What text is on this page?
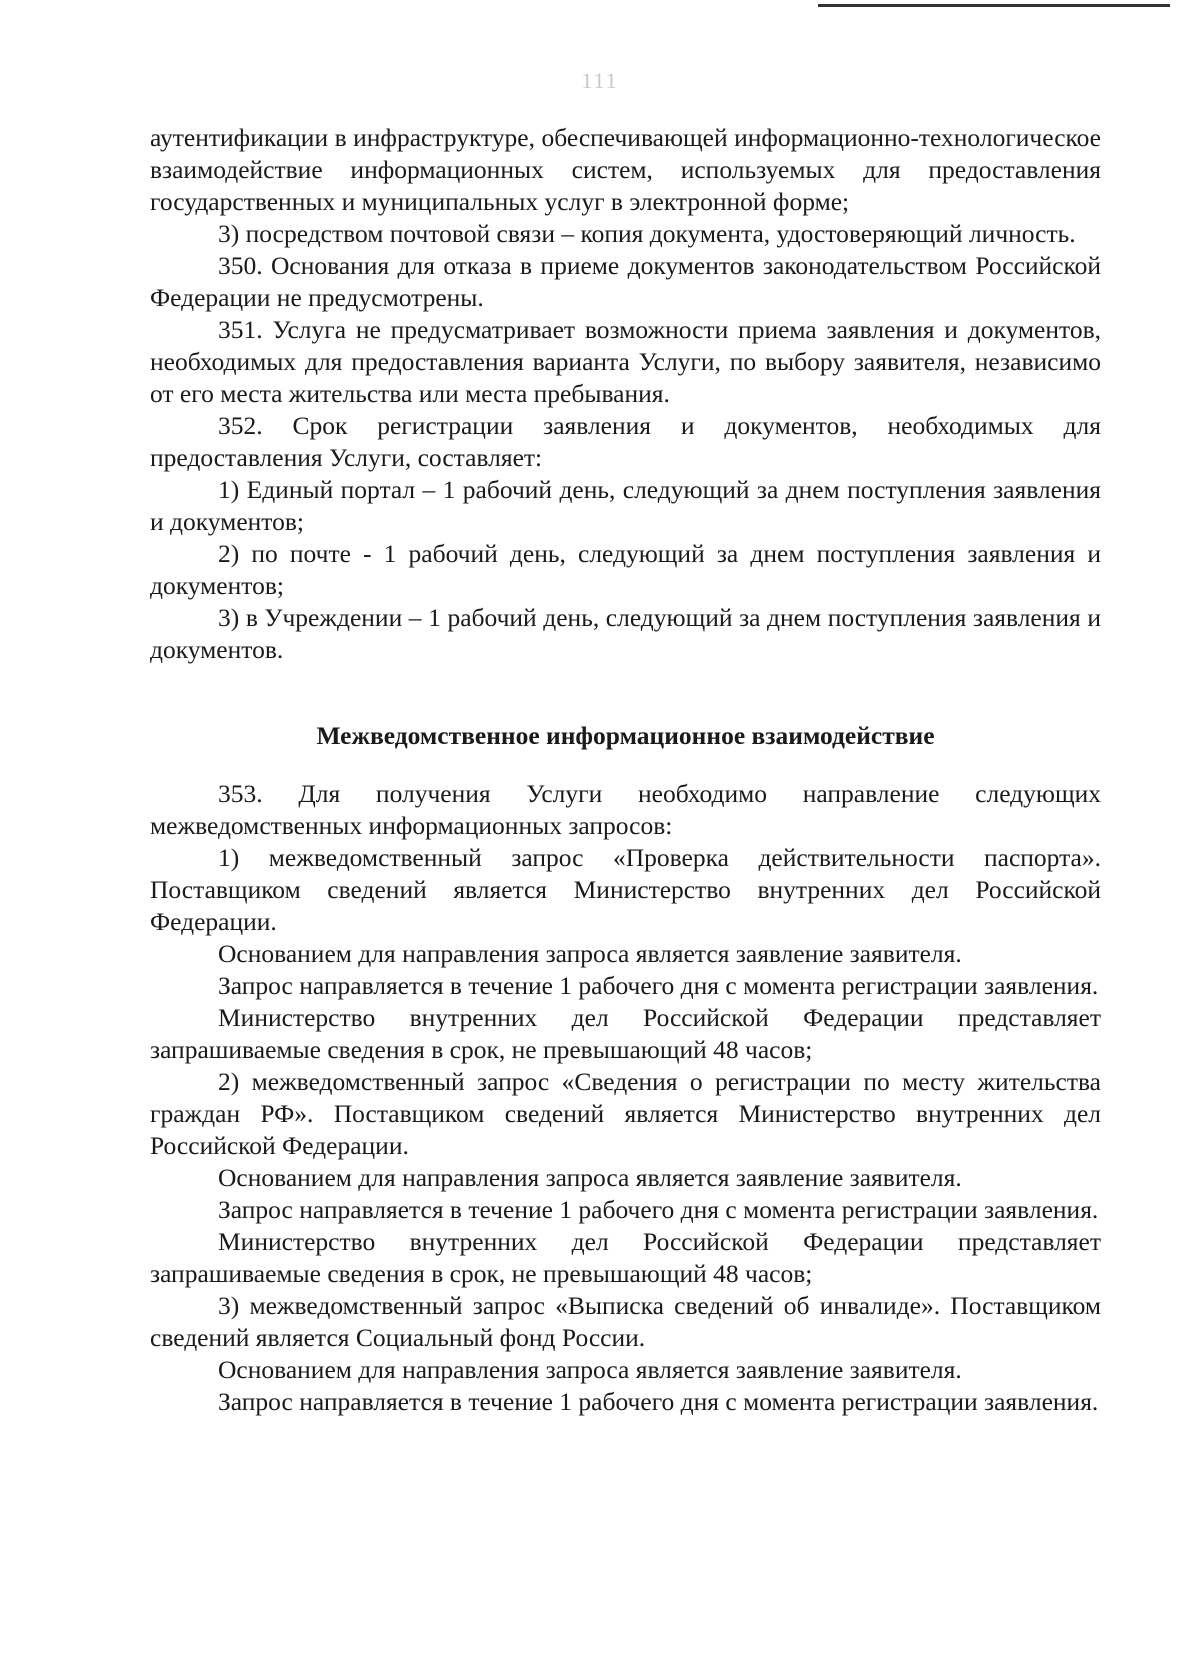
111

аутентификации в инфраструктуре, обеспечивающей информационно-технологическое взаимодействие информационных систем, используемых для предоставления государственных и муниципальных услуг в электронной форме;

3) посредством почтовой связи – копия документа, удостоверяющий личность.

350. Основания для отказа в приеме документов законодательством Российской Федерации не предусмотрены.

351. Услуга не предусматривает возможности приема заявления и документов, необходимых для предоставления варианта Услуги, по выбору заявителя, независимо от его места жительства или места пребывания.

352. Срок регистрации заявления и документов, необходимых для предоставления Услуги, составляет:

1) Единый портал – 1 рабочий день, следующий за днем поступления заявления и документов;

2) по почте - 1 рабочий день, следующий за днем поступления заявления и документов;

3) в Учреждении – 1 рабочий день, следующий за днем поступления заявления и документов.

Межведомственное информационное взаимодействие

353. Для получения Услуги необходимо направление следующих межведомственных информационных запросов:

1) межведомственный запрос «Проверка действительности паспорта». Поставщиком сведений является Министерство внутренних дел Российской Федерации.

Основанием для направления запроса является заявление заявителя.

Запрос направляется в течение 1 рабочего дня с момента регистрации заявления.

Министерство внутренних дел Российской Федерации представляет запрашиваемые сведения в срок, не превышающий 48 часов;

2) межведомственный запрос «Сведения о регистрации по месту жительства граждан РФ». Поставщиком сведений является Министерство внутренних дел Российской Федерации.

Основанием для направления запроса является заявление заявителя.

Запрос направляется в течение 1 рабочего дня с момента регистрации заявления.

Министерство внутренних дел Российской Федерации представляет запрашиваемые сведения в срок, не превышающий 48 часов;

3) межведомственный запрос «Выписка сведений об инвалиде». Поставщиком сведений является Социальный фонд России.

Основанием для направления запроса является заявление заявителя.

Запрос направляется в течение 1 рабочего дня с момента регистрации заявления.
